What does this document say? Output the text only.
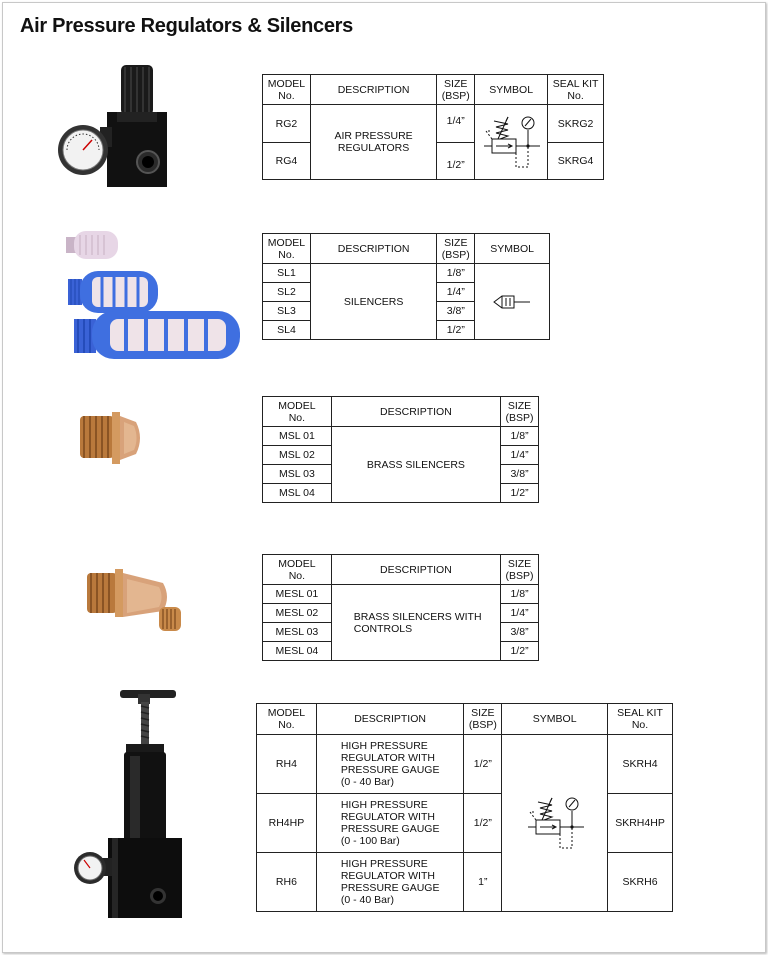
Air Pressure Regulators & Silencers
MODEL
No.	DESCRIPTION	SIZE
(BSP)	SYMBOL	SEAL KIT
No.
RG2	AIR PRESSURE
REGULATORS	1/4”		SKRG2
RG4		1/2”		SKRG4
MODEL
No.	DESCRIPTION	SIZE
(BSP)	SYMBOL
SL1	SILENCERS	1/8”	

SL2		1/4”	
SL3		3/8”	
SL4		1/2”	
MODEL
No.	DESCRIPTION	SIZE
(BSP)
MSL 01	BRASS SILENCERS	1/8”
MSL 02		1/4”
MSL 03		3/8”
MSL 04		1/2”
MODEL
No.	DESCRIPTION	SIZE
(BSP)
MESL 01	BRASS SILENCERS WITH
CONTROLS	1/8”
MESL 02		1/4”
MESL 03		3/8”
MESL 04		1/2”
MODEL
No.	DESCRIPTION	SIZE
(BSP)	SYMBOL	SEAL KIT
No.
RH4	HIGH PRESSURE
REGULATOR WITH
PRESSURE GAUGE
(0 - 40 Bar)	1/2”		SKRH4
RH4HP	HIGH PRESSURE
REGULATOR WITH
PRESSURE GAUGE
(0 - 100 Bar)	1/2”		SKRH4HP
RH6	HIGH PRESSURE
REGULATOR WITH
PRESSURE GAUGE
(0 - 40 Bar)	1”		SKRH6
